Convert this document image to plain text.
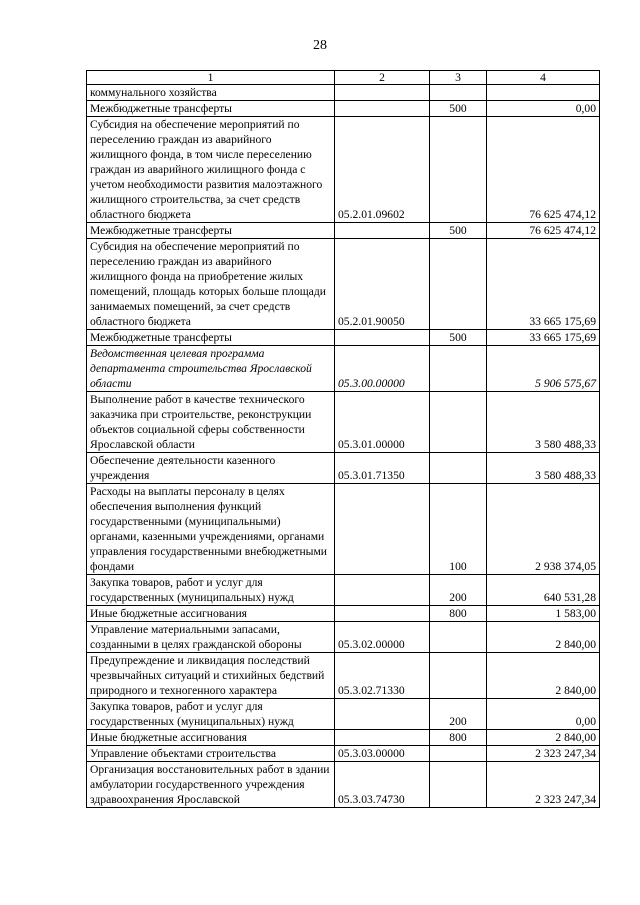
28
1	2	3	4
коммунального хозяйства			
Межбюджетные трансферты		500	0,00
Субсидия на обеспечение мероприятий по переселению граждан из аварийного жилищного фонда, в том числе переселению граждан из аварийного жилищного фонда с учетом необходимости развития малоэтажного жилищного строительства, за счет средств областного бюджета	05.2.01.09602		76 625 474,12
Межбюджетные трансферты		500	76 625 474,12
Субсидия на обеспечение мероприятий по переселению граждан из аварийного жилищного фонда на приобретение жилых помещений, площадь которых больше площади занимаемых помещений, за счет средств областного бюджета	05.2.01.90050		33 665 175,69
Межбюджетные трансферты		500	33 665 175,69
Ведомственная целевая программа департамента строительства Ярославской области	05.3.00.00000		5 906 575,67
Выполнение работ в качестве технического заказчика при строительстве, реконструкции объектов социальной сферы собственности Ярославской области	05.3.01.00000		3 580 488,33
Обеспечение деятельности казенного учреждения	05.3.01.71350		3 580 488,33
Расходы на выплаты персоналу в целях обеспечения выполнения функций государственными (муниципальными) органами, казенными учреждениями, органами управления государственными внебюджетными фондами		100	2 938 374,05
Закупка товаров, работ и услуг для государственных (муниципальных) нужд		200	640 531,28
Иные бюджетные ассигнования		800	1 583,00
Управление материальными запасами, созданными в целях гражданской обороны	05.3.02.00000		2 840,00
Предупреждение и ликвидация последствий чрезвычайных ситуаций и стихийных бедствий природного и техногенного характера	05.3.02.71330		2 840,00
Закупка товаров, работ и услуг для государственных (муниципальных) нужд		200	0,00
Иные бюджетные ассигнования		800	2 840,00
Управление объектами строительства	05.3.03.00000		2 323 247,34
Организация восстановительных работ в здании амбулатории государственного учреждения здравоохранения Ярославской	05.3.03.74730		2 323 247,34
